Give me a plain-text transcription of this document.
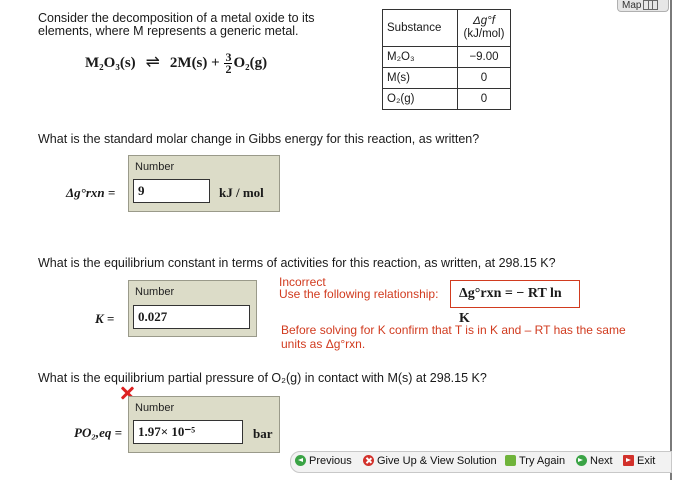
Map
Consider the decomposition of a metal oxide to its elements, where M represents a generic metal.
M₂O₃(s) ⇌ $2M(s) + \frac{3}{2} O_2(g)$
Substance	Δg°f
(kJ/mol)
M₂O₃	−9.00
M(s)	0
O₂(g)	0
What is the standard molar change in Gibbs energy for this reaction, as written?
Δg°rxn =
Number
9	kJ / mol
What is the equilibrium constant in terms of activities for this reaction, as written, at 298.15 K?
K =
Number
0.027
Incorrect
Use the following relationship:	Δg°rxn = − RT ln K
Before solving for K confirm that T is in K and – RT has the same
units as Δg°rxn.
What is the equilibrium partial pressure of O₂(g) in contact with M(s) at 298.15 K?
PO₂,eq =
Number
1.97× 10⁻⁵	bar
Previous	Give Up & View Solution	Try Again	Next	Exit
